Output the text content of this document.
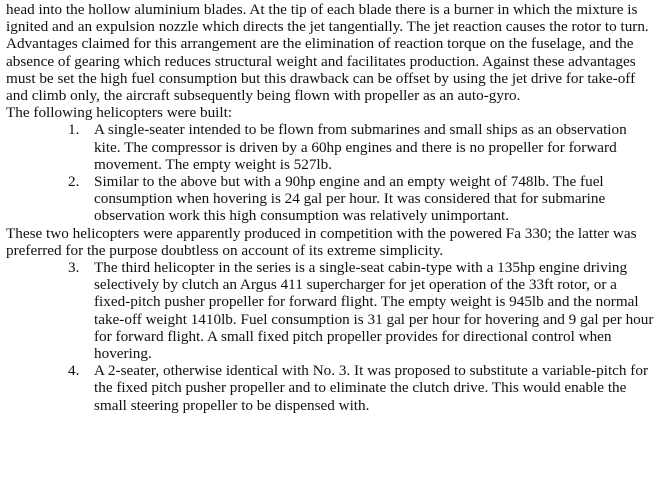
head into the hollow aluminium blades. At the tip of each blade there is a burner in which the mixture is ignited and an expulsion nozzle which directs the jet tangentially. The jet reaction causes the rotor to turn.

Advantages claimed for this arrangement are the elimination of reaction torque on the fuselage, and the absence of gearing which reduces structural weight and facilitates production. Against these advantages must be set the high fuel consumption but this drawback can be offset by using the jet drive for take-off and climb only, the aircraft subsequently being flown with propeller as an auto-gyro.

The following helicopters were built:

1. A single-seater intended to be flown from submarines and small ships as an observation kite. The compressor is driven by a 60hp engines and there is no propeller for forward movement. The empty weight is 527lb.
2. Similar to the above but with a 90hp engine and an empty weight of 748lb. The fuel consumption when hovering is 24 gal per hour. It was considered that for submarine observation work this high consumption was relatively unimportant.

These two helicopters were apparently produced in competition with the powered Fa 330; the latter was preferred for the purpose doubtless on account of its extreme simplicity.

3. The third helicopter in the series is a single-seat cabin-type with a 135hp engine driving selectively by clutch an Argus 411 supercharger for jet operation of the 33ft rotor, or a fixed-pitch pusher propeller for forward flight. The empty weight is 945lb and the normal take-off weight 1410lb. Fuel consumption is 31 gal per hour for hovering and 9 gal per hour for forward flight. A small fixed pitch propeller provides for directional control when hovering.
4. A 2-seater, otherwise identical with No. 3. It was proposed to substitute a variable-pitch for the fixed pitch pusher propeller and to eliminate the clutch drive. This would enable the small steering propeller to be dispensed with.
